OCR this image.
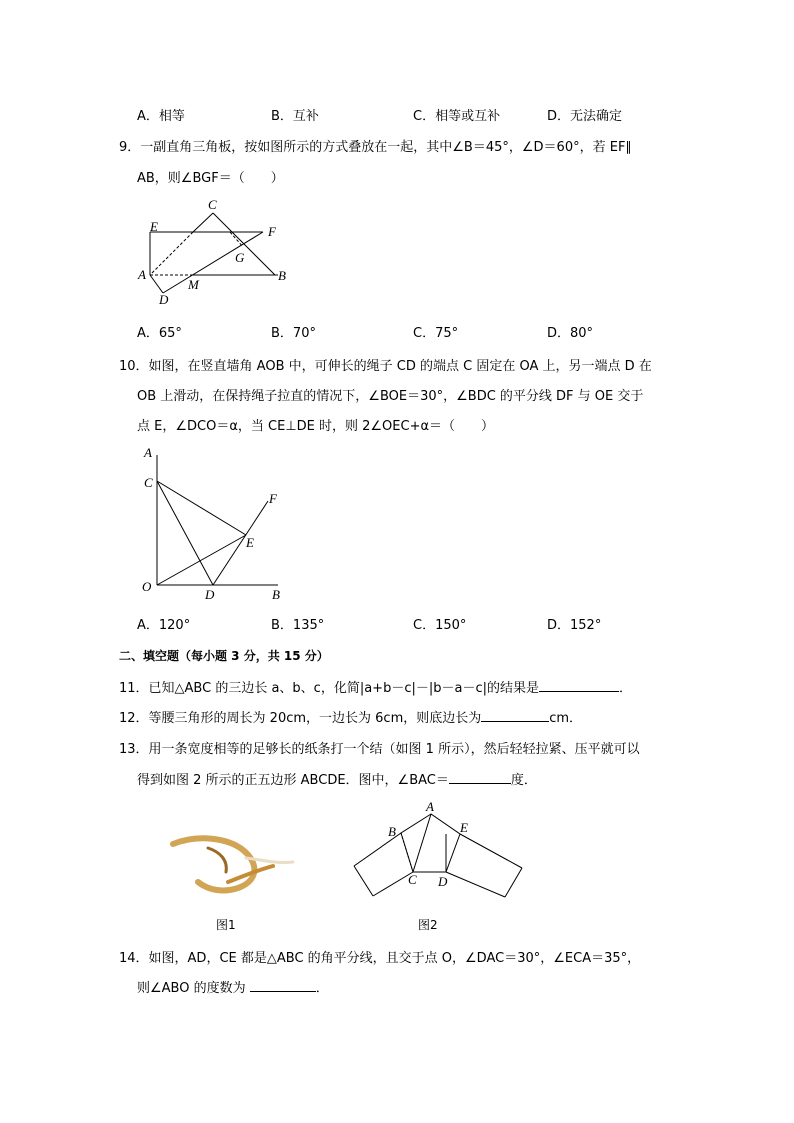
A．相等	B．互补	C．相等或互补	D．无法确定
9．一副直角三角板，按如图所示的方式叠放在一起，其中∠B＝45°，∠D＝60°，若 EF∥
AB，则∠BGF＝（　　）
C
E	F
G
A	B
M
D
A．65°	B．70°	C．75°	D．80°
10．如图，在竖直墙角 AOB 中，可伸长的绳子 CD 的端点 C 固定在 OA 上，另一端点 D 在
OB 上滑动，在保持绳子拉直的情况下，∠BOE＝30°，∠BDC 的平分线 DF 与 OE 交于
点 E，∠DCO＝α，当 CE⊥DE 时，则 2∠OEC+α＝（　　）
A
C
F
E
O
D	B
A．120°	B．135°	C．150°	D．152°
二、填空题（每小题 3 分，共 15 分）
11．已知△ABC 的三边长 a、b、c，化简|a+b－c|－|b－a－c|的结果是	．
12．等腰三角形的周长为 20cm，一边长为 6cm，则底边长为	cm．
13．用一条宽度相等的足够长的纸条打一个结（如图 1 所示），然后轻轻拉紧、压平就可以
得到如图 2 所示的正五边形 ABCDE．图中，∠BAC＝	度．
图1
A
B	E
C D
图2
14．如图，AD，CE 都是△ABC 的角平分线，且交于点 O，∠DAC＝30°，∠ECA＝35°，
则∠ABO 的度数为	．
